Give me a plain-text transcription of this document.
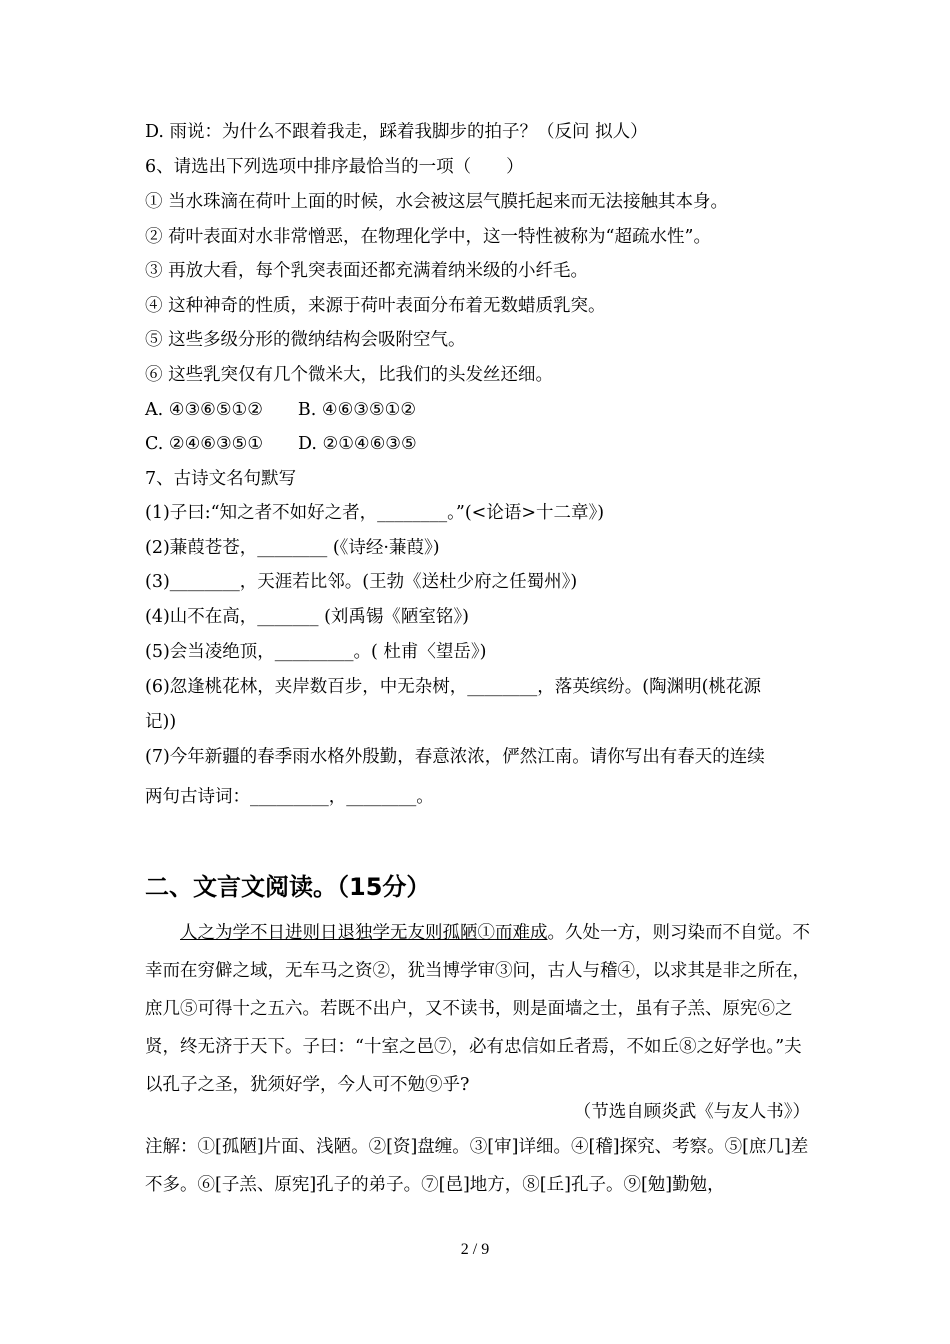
D. 雨说：为什么不跟着我走，踩着我脚步的拍子？（反问 拟人）
6、请选出下列选项中排序最恰当的一项（　　）
① 当水珠滴在荷叶上面的时候，水会被这层气膜托起来而无法接触其本身。
② 荷叶表面对水非常憎恶，在物理化学中，这一特性被称为“超疏水性”。
③ 再放大看，每个乳突表面还都充满着纳米级的小纤毛。
④ 这种神奇的性质，来源于荷叶表面分布着无数蜡质乳突。
⑤ 这些多级分形的微纳结构会吸附空气。
⑥ 这些乳突仅有几个微米大，比我们的头发丝还细。
A. ④③⑥⑤①②　　B. ④⑥③⑤①②
C. ②④⑥③⑤①　　D. ②①④⑥③⑤
7、古诗文名句默写
(1)子曰:“知之者不如好之者，________。”(<论语>十二章》)
(2)蒹葭苍苍，________ (《诗经·蒹葭》)
(3)________，天涯若比邻。(王勃《送杜少府之任蜀州》)
(4)山不在高，_______ (刘禹锡《陋室铭》)
(5)会当凌绝顶，_________。( 杜甫〈望岳》)
(6)忽逢桃花林，夹岸数百步，中无杂树，________，落英缤纷。(陶渊明(桃花源
记))
(7)今年新疆的春季雨水格外殷勤，春意浓浓，俨然江南。请你写出有春天的连续
两句古诗词：_________，________。
二、文言文阅读。（15分）
人之为学不日进则日退独学无友则孤陋①而难成。久处一方，则习染而不自觉。不幸而在穷僻之域，无车马之资②，犹当博学审③问，古人与稽④，以求其是非之所在，庶几⑤可得十之五六。若既不出户，又不读书，则是面墙之士，虽有子羔、原宪⑥之贤，终无济于天下。子曰：“十室之邑⑦，必有忠信如丘者焉，不如丘⑧之好学也。”夫以孔子之圣，犹须好学，今人可不勉⑨乎?
（节选自顾炎武《与友人书》）
注解：①[孤陋]片面、浅陋。②[资]盘缠。③[审]详细。④[稽]探究、考察。⑤[庶几]差不多。⑥[子羔、原宪]孔子的弟子。⑦[邑]地方，⑧[丘]孔子。⑨[勉]勤勉，
2 / 9
